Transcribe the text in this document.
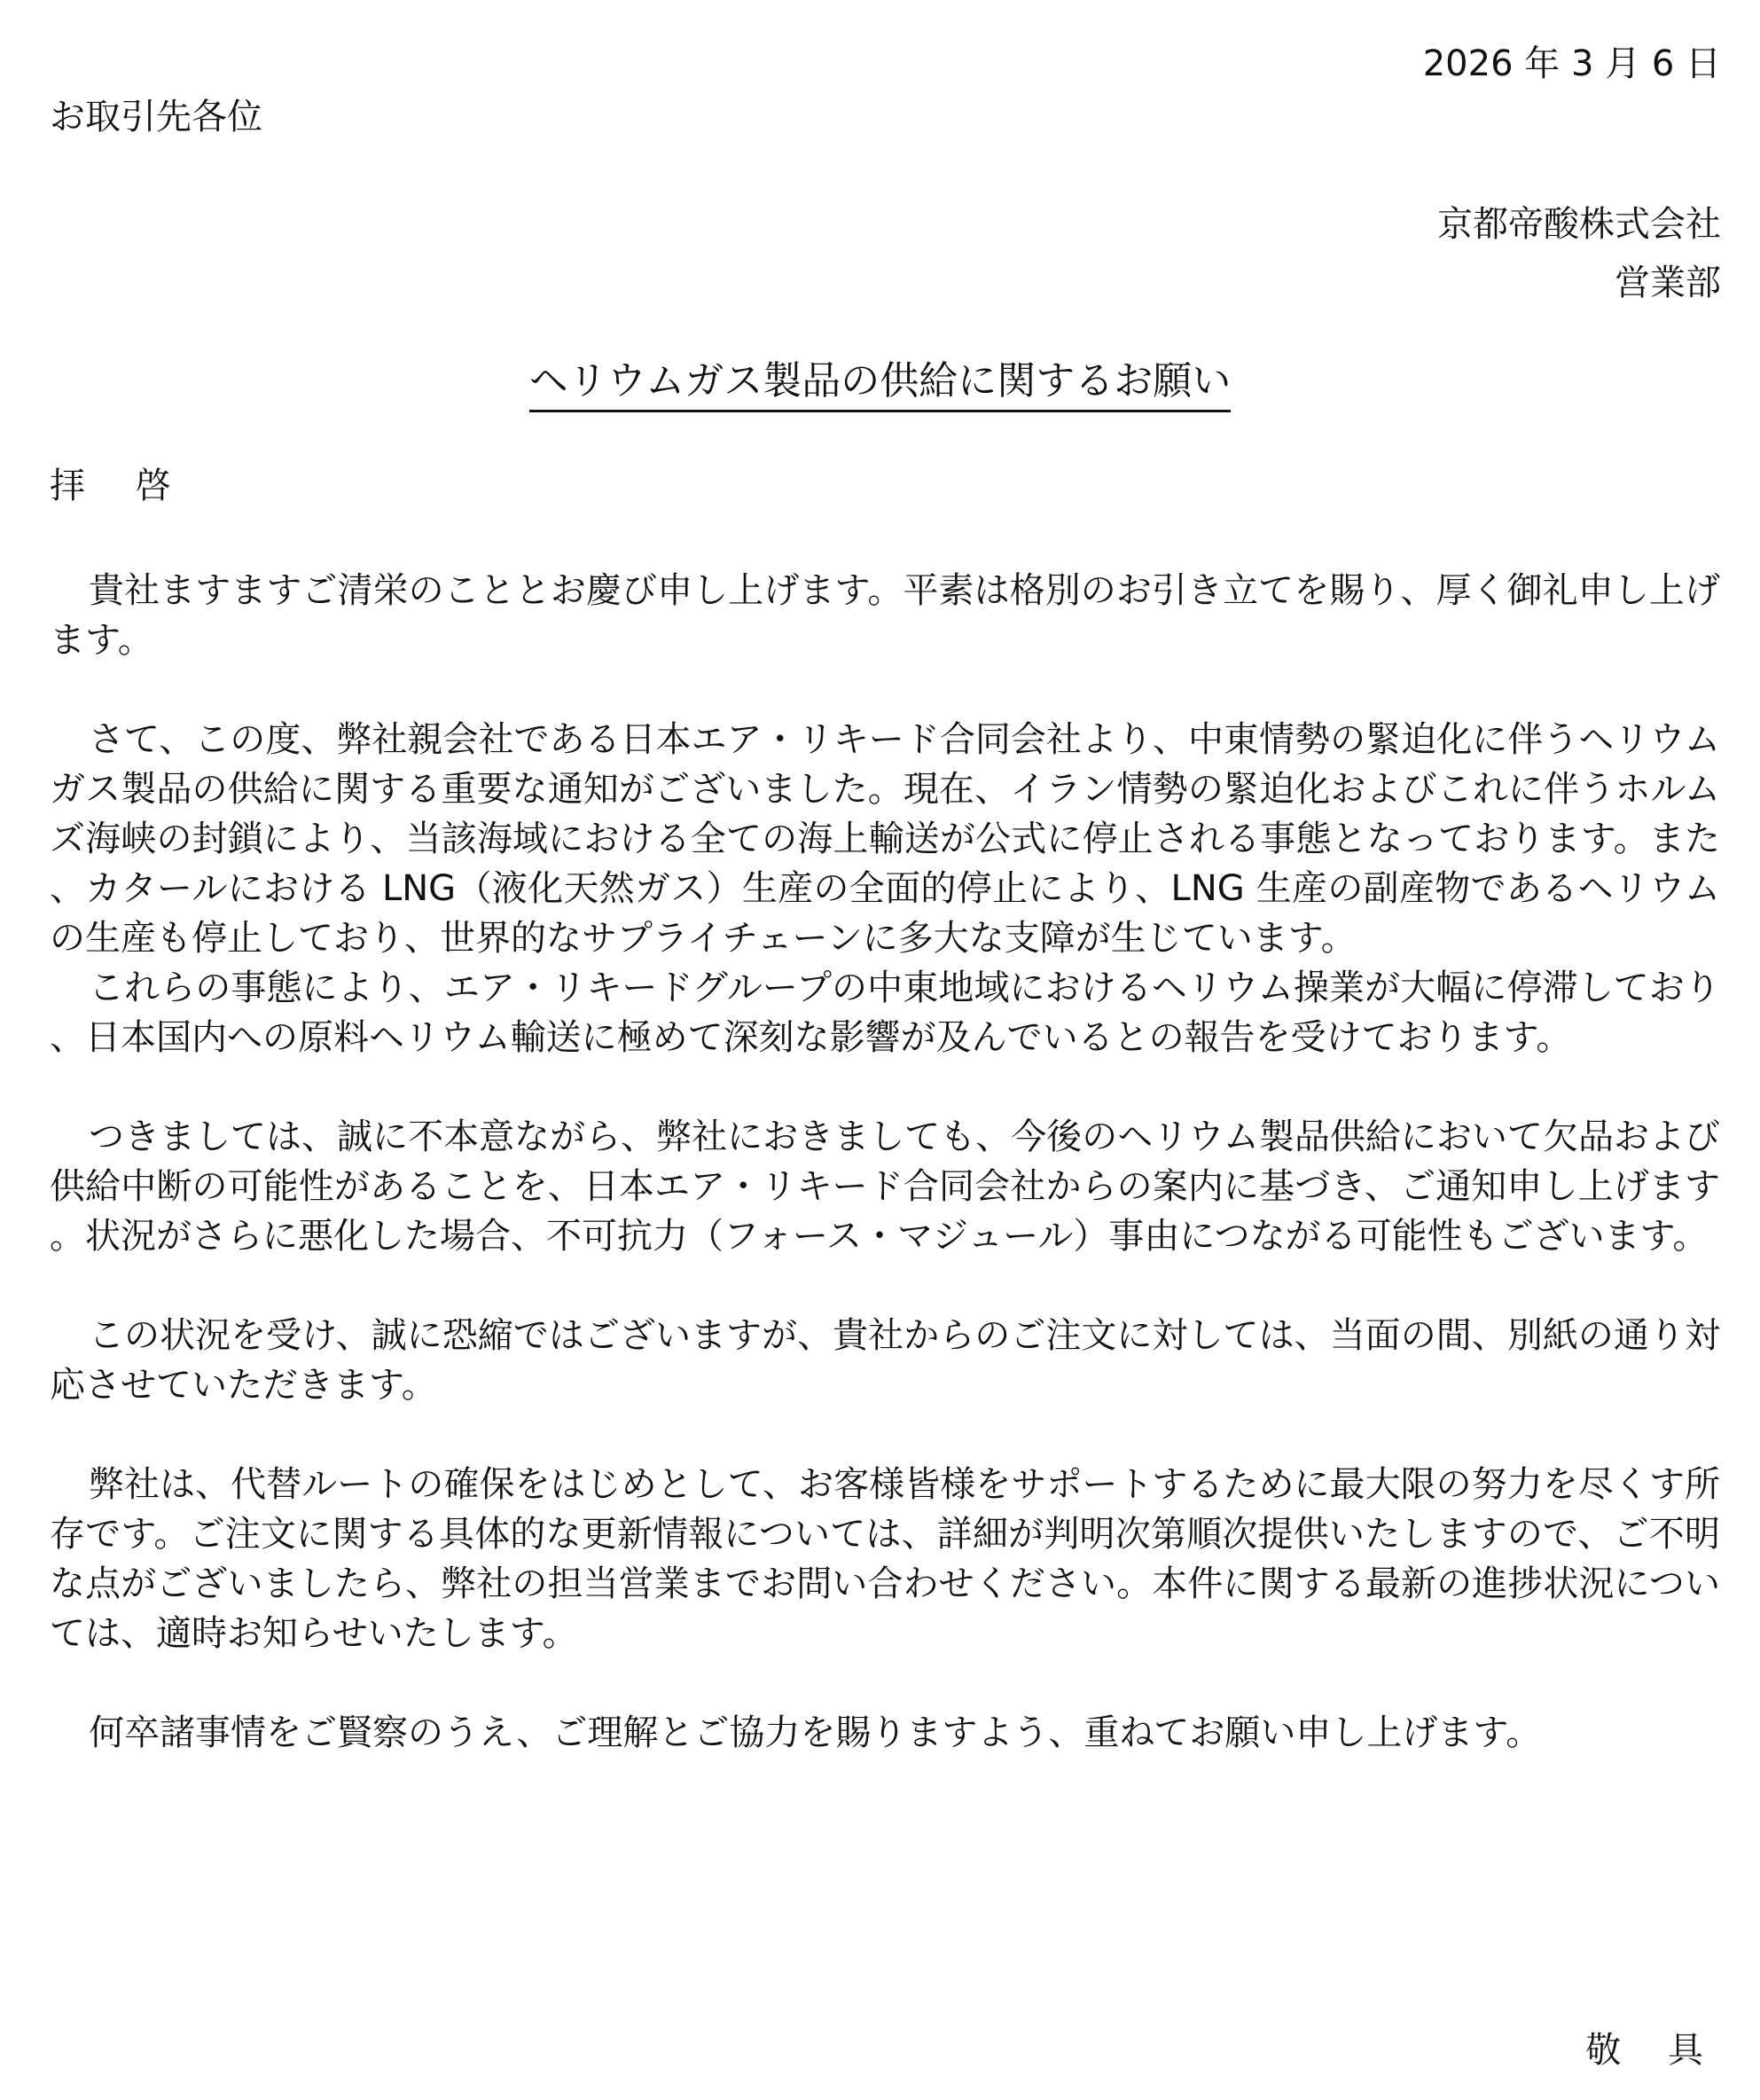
2026 年 3 月 6 日
お取引先各位
京都帝酸株式会社
営業部
ヘリウムガス製品の供給に関するお願い
拝 啓

貴社ますますご清栄のこととお慶び申し上げます。平素は格別のお引き立てを賜り、厚く御礼申し上げます。

さて、この度、弊社親会社である日本エア・リキード合同会社より、中東情勢の緊迫化に伴うヘリウムガス製品の供給に関する重要な通知がございました。現在、イラン情勢の緊迫化およびこれに伴うホルムズ海峡の封鎖により、当該海域における全ての海上輸送が公式に停止される事態となっております。また、カタールにおける LNG（液化天然ガス）生産の全面的停止により、LNG 生産の副産物であるヘリウムの生産も停止しており、世界的なサプライチェーンに多大な支障が生じています。

これらの事態により、エア・リキードグループの中東地域におけるヘリウム操業が大幅に停滞しており、日本国内への原料ヘリウム輸送に極めて深刻な影響が及んでいるとの報告を受けております。

つきましては、誠に不本意ながら、弊社におきましても、今後のヘリウム製品供給において欠品および供給中断の可能性があることを、日本エア・リキード合同会社からの案内に基づき、ご通知申し上げます。状況がさらに悪化した場合、不可抗力（フォース・マジュール）事由につながる可能性もございます。

この状況を受け、誠に恐縮ではございますが、貴社からのご注文に対しては、当面の間、別紙の通り対応させていただきます。

弊社は、代替ルートの確保をはじめとして、お客様皆様をサポートするために最大限の努力を尽くす所存です。ご注文に関する具体的な更新情報については、詳細が判明次第順次提供いたしますので、ご不明な点がございましたら、弊社の担当営業までお問い合わせください。本件に関する最新の進捗状況については、適時お知らせいたします。

何卒諸事情をご賢察のうえ、ご理解とご協力を賜りますよう、重ねてお願い申し上げます。

敬 具
